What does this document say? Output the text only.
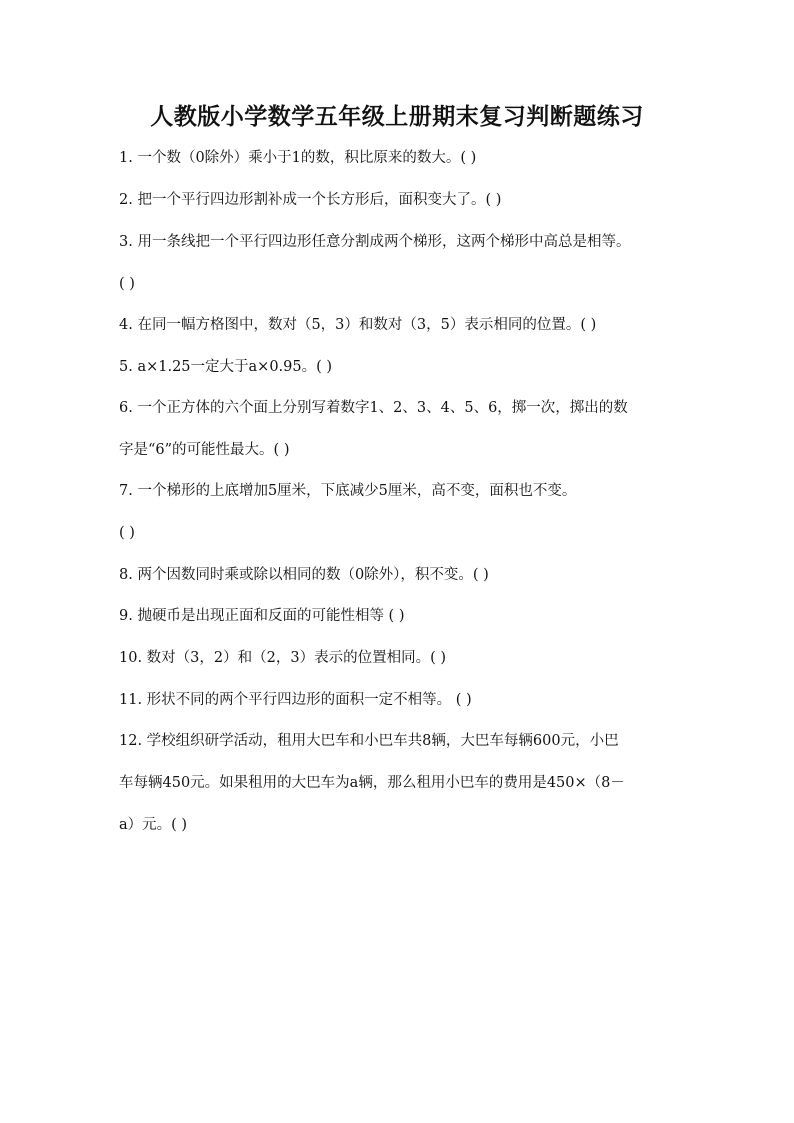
人教版小学数学五年级上册期末复习判断题练习
1. 一个数（0除外）乘小于1的数，积比原来的数大。( )
2. 把一个平行四边形割补成一个长方形后，面积变大了。( )
3. 用一条线把一个平行四边形任意分割成两个梯形，这两个梯形中高总是相等。
( )
4. 在同一幅方格图中，数对（5，3）和数对（3，5）表示相同的位置。( )
5. a×1.25一定大于a×0.95。( )
6. 一个正方体的六个面上分别写着数字1、2、3、4、5、6，掷一次，掷出的数
字是“6”的可能性最大。( )
7. 一个梯形的上底增加5厘米，下底减少5厘米，高不变，面积也不变。
( )
8. 两个因数同时乘或除以相同的数（0除外），积不变。( )
9. 抛硬币是出现正面和反面的可能性相等 ( )
10. 数对（3，2）和（2，3）表示的位置相同。( )
11. 形状不同的两个平行四边形的面积一定不相等。 ( )
12. 学校组织研学活动，租用大巴车和小巴车共8辆，大巴车每辆600元，小巴
车每辆450元。如果租用的大巴车为a辆，那么租用小巴车的费用是450×（8－
a）元。( )
